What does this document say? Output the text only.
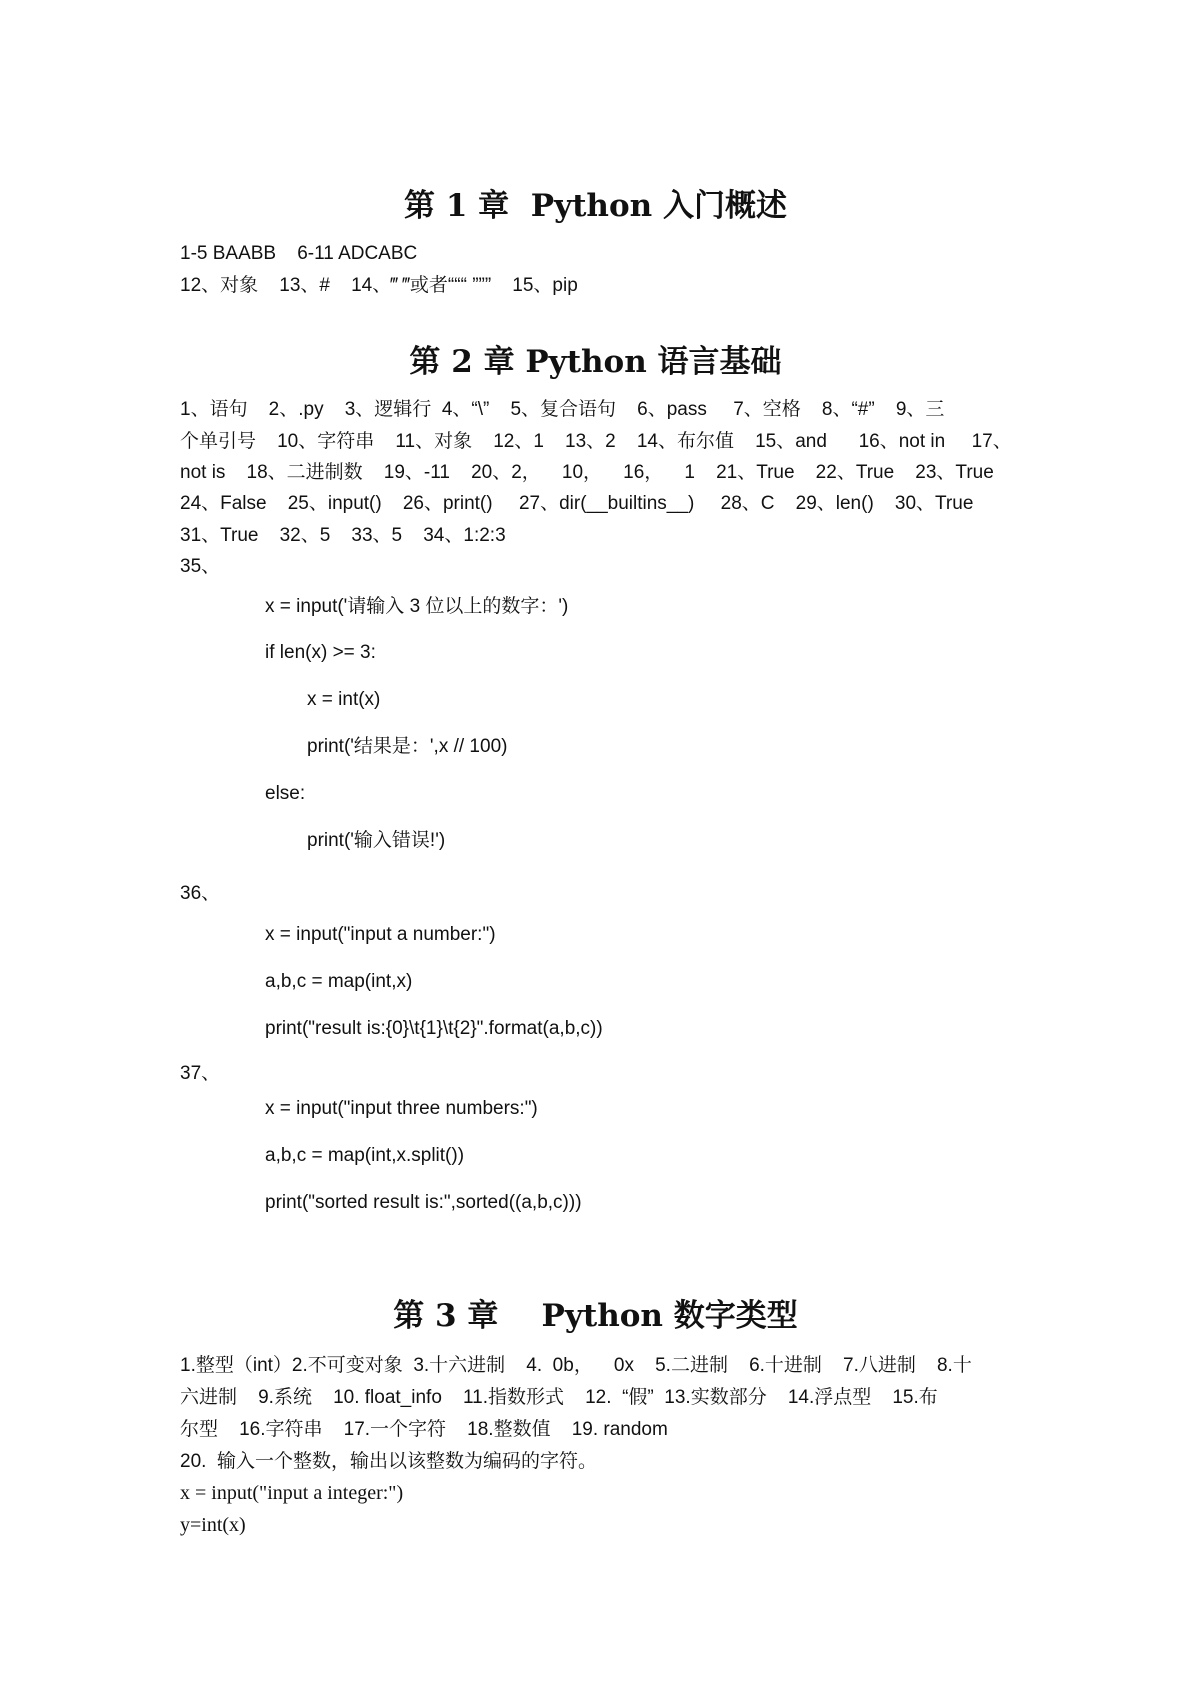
第 1 章  Python 入门概述

1-5 BAABB    6-11 ADCABC

12、对象    13、#    14、‴ ‴或者“““ ”””    15、pip

第 2 章 Python 语言基础

1、语句    2、.py    3、逻辑行  4、“\”    5、复合语句    6、pass     7、空格    8、“#”    9、三

个单引号    10、字符串    11、对象    12、1    13、2    14、布尔值    15、and      16、not in     17、

not is    18、二进制数    19、-11    20、2，    10，    16，    1    21、True    22、True    23、True

24、False    25、input()    26、print()     27、dir(__builtins__)     28、C    29、len()    30、True

31、True    32、5    33、5    34、1:2:3

35、

x = input('请输入 3 位以上的数字：')

if len(x) >= 3:

x = int(x)

print('结果是：',x // 100)

else:

print('输入错误!')

36、

x = input("input a number:")

a,b,c = map(int,x)

print("result is:{0}\t{1}\t{2}".format(a,b,c))

37、

x = input("input three numbers:")

a,b,c = map(int,x.split())

print("sorted result is:",sorted((a,b,c)))

第 3 章    Python 数字类型

1.整型（int）2.不可变对象  3.十六进制    4.  0b，    0x    5.二进制    6.十进制    7.八进制    8.十

六进制    9.系统    10. float_info    11.指数形式    12.  “假”  13.实数部分    14.浮点型    15.布

尔型    16.字符串    17.一个字符    18.整数值    19. random

20.  输入一个整数，输出以该整数为编码的字符。

x = input("input a integer:")

y=int(x)
